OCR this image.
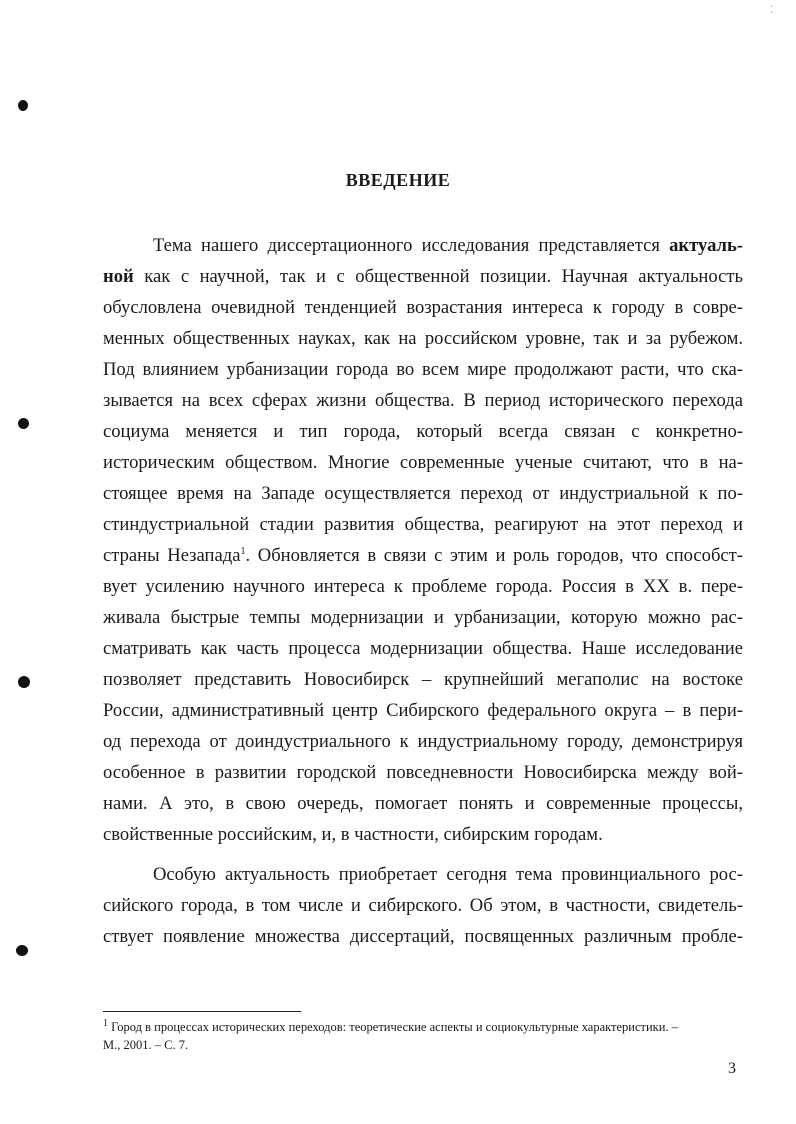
⁚
ВВЕДЕНИЕ
Тема нашего диссертационного исследования представляется актуаль-
ной как с научной, так и с общественной позиции. Научная актуальность
обусловлена очевидной тенденцией возрастания интереса к городу в совре-
менных общественных науках, как на российском уровне, так и за рубежом.
Под влиянием урбанизации города во всем мире продолжают расти, что ска-
зывается на всех сферах жизни общества. В период исторического перехода
социума меняется и тип города, который всегда связан с конкретно-
историческим обществом. Многие современные ученые считают, что в на-
стоящее время на Западе осуществляется переход от индустриальной к по-
стиндустриальной стадии развития общества, реагируют на этот переход и
страны Незапада$^1$. Обновляется в связи с этим и роль городов, что способст-
вует усилению научного интереса к проблеме города. Россия в XX в. пере-
живала быстрые темпы модернизации и урбанизации, которую можно рас-
сматривать как часть процесса модернизации общества. Наше исследование
позволяет представить Новосибирск – крупнейший мегаполис на востоке
России, административный центр Сибирского федерального округа – в пери-
од перехода от доиндустриального к индустриальному городу, демонстрируя
особенное в развитии городской повседневности Новосибирска между вой-
нами. А это, в свою очередь, помогает понять и современные процессы,
свойственные российским, и, в частности, сибирским городам.
Особую актуальность приобретает сегодня тема провинциального рос-
сийского города, в том числе и сибирского. Об этом, в частности, свидетель-
ствует появление множества диссертаций, посвященных различным пробле-
$^1$ Город в процессах исторических переходов: теоретические аспекты и социокультурные характеристики. –
М., 2001. – С. 7.
3
